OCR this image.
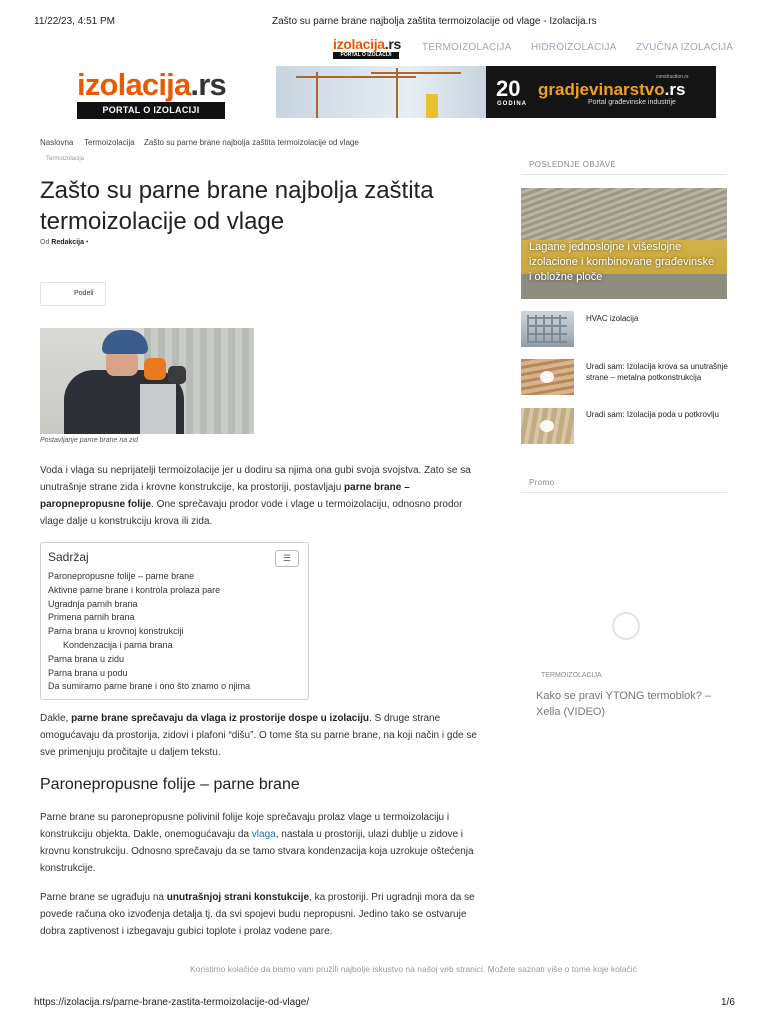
11/22/23, 4:51 PM	Zašto su parne brane najbolja zaštita termoizolacije od vlage - Izolacija.rs
izolacija.rs
PORTAL O IZOLACIJI
TERMOIZOLACIJA HIDROIZOLACIJA ZVUČNA IZOLACIJA
izolacija.rs
PORTAL O IZOLACIJI
20
GODINA
gradjevinarstvo.rs
Portal građevinske industrije
construction.rs
Naslovna Termoizolacija Zašto su parne brane najbolja zaštita termoizolacije od vlage
Termoizolacija
Zašto su parne brane najbolja zaštita termoizolacije od vlage
Od Redakcija •
Podeli
Postavljanje parne brane na zid
Voda i vlaga su neprijatelji termoizolacije jer u dodiru sa njima ona gubi svoja svojstva. Zato se sa unutrašnje strane zida i krovne konstrukcije, ka prostoriji, postavljaju parne brane – paropnepropusne folije. One sprečavaju prodor vode i vlage u termoizolaciju, odnosno prodor vlage dalje u konstrukciju krova ili zida.
Sadržaj	☰
Paronepropusne folije – parne brane
Aktivne parne brane i kontrola prolaza pare
Ugradnja parnih brana
Primena parnih brana
Parna brana u krovnoj konstrukciji
Kondenzacija i parna brana
Parna brana u zidu
Parna brana u podu
Da sumiramo parne brane i ono što znamo o njima
Dakle, parne brane sprečavaju da vlaga iz prostorije dospe u izolaciju. S druge strane omogućavaju da prostorija, zidovi i plafoni “dišu”. O tome šta su parne brane, na koji način i gde se sve primenjuju pročitajte u daljem tekstu.
Paronepropusne folije – parne brane
Parne brane su paronepropusne polivinil folije koje sprečavaju prolaz vlage u termoizolaciju i konstrukciju objekta. Dakle, onemogućavaju da vlaga, nastala u prostoriji, ulazi dublje u zidove i krovnu konstrukciju. Odnosno sprečavaju da se tamo stvara kondenzacija koja uzrokuje oštećenja konstrukcije.
Parne brane se ugrađuju na unutrašnjoj strani konstukcije, ka prostoriji. Pri ugradnji mora da se povede računa oko izvođenja detalja tj. da svi spojevi budu nepropusni. Jedino tako se ostvaruje dobra zaptivenost i izbegavaju gubici toplote i prolaz vodene pare.
Koristimo kolačiće da bismo vam pružili najbolje iskustvo na našoj veb stranici. Možete saznati više o tome koje kolačić
POSLEDNJE OBJAVE
Lagane jednoslojne i višeslojne izolacione i kombinovane građevinske i obložne ploče
HVAC izolacija
Uradi sam: Izolacija krova sa unutrašnje strane – metalna potkonstrukcija
Uradi sam: Izolacija poda u potkrovlju
Promo
TERMOIZOLACIJA
Kako se pravi YTONG termoblok? – Xella (VIDEO)
https://izolacija.rs/parne-brane-zastita-termoizolacije-od-vlage/	1/6
